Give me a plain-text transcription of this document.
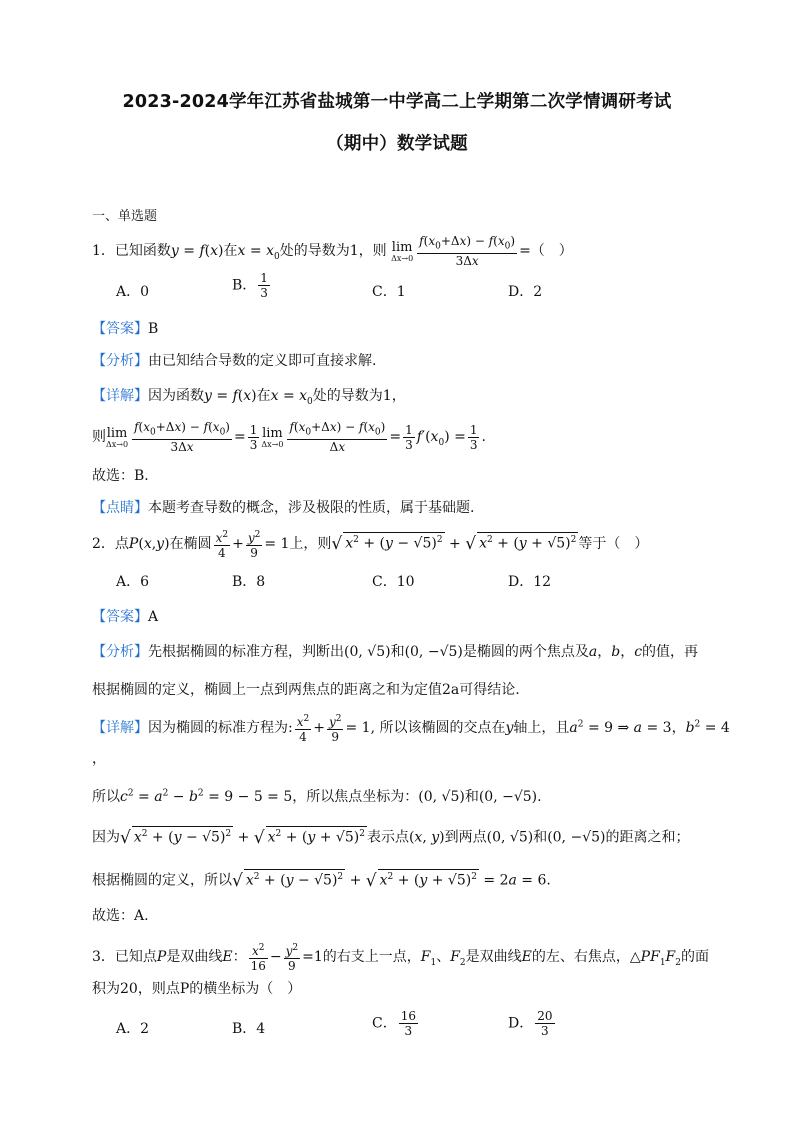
2023-2024学年江苏省盐城第一中学高二上学期第二次学情调研考试
（期中）数学试题
一、单选题
1．已知函数y = f(x)在$x = x_0$处的导数为1，则 lim
$\Delta x\to 0 \frac{f(x_0+\Delta x) - f(x_0)}{3\Delta x}$ =（　）
A．0	B． $\frac{1}{3}$	C．1	D．2
【答案】B
【分析】由已知结合导数的定义即可直接求解.
【详解】因为函数y = f(x)在$x = x_0$处的导数为1，
则lim
$\Delta x\to 0 \frac{f(x_0+\Delta x) - f(x_0)}{3\Delta x} = \frac{1}{3}$ lim
$\Delta x\to 0 \frac{f(x_0+\Delta x) - f(x_0)}{\Delta x} = \frac{1}{3} f'(x_0) = \frac{1}{3}$ .
故选：B.
【点睛】本题考查导数的概念，涉及极限的性质，属于基础题.
2．点P(x,y)在椭圆 $\frac{x^2}{4} + \frac{y^2}{9} = 1$上，则√ $x^2 + (y - √5)^2$ + √ $x^2 + (y + √5)^2$ 等于（　）
A．6	B．8	C．10	D．12
【答案】A
【分析】先根据椭圆的标准方程，判断出(0, √5)和(0, −√5)是椭圆的两个焦点及a，b，c的值，再
根据椭圆的定义，椭圆上一点到两焦点的距离之和为定值2a可得结论.
【详解】因为椭圆的标准方程为: $\frac{x^2}{4} + \frac{y^2}{9} = 1$, 所以该椭圆的交点在y轴上，且$a^2 = 9$ ⇒ a = 3，$b^2 = 4$
，
所以$c^2 = a^2 - b^2 = 9 - 5 = 5$，所以焦点坐标为：(0, √5)和(0, −√5).
因为√ $x^2 + (y - √5)^2$ + √ $x^2 + (y + √5)^2$ 表示点(x, y)到两点(0, √5)和(0, −√5)的距离之和；
根据椭圆的定义，所以√ $x^2 + (y - √5)^2$ + √ $x^2 + (y + √5)^2 = 2a = 6$.
故选：A.
3．已知点P是双曲线E： $\frac{x^2}{16} - \frac{y^2}{9} =1$的右支上一点，$F_1$、$F_2$是双曲线E的左、右焦点，$\triangle PF_1F_2$的面
积为20，则点P的横坐标为（　）
A．2	B．4	C． $\frac{16}{3}$	D． $\frac{20}{3}$
